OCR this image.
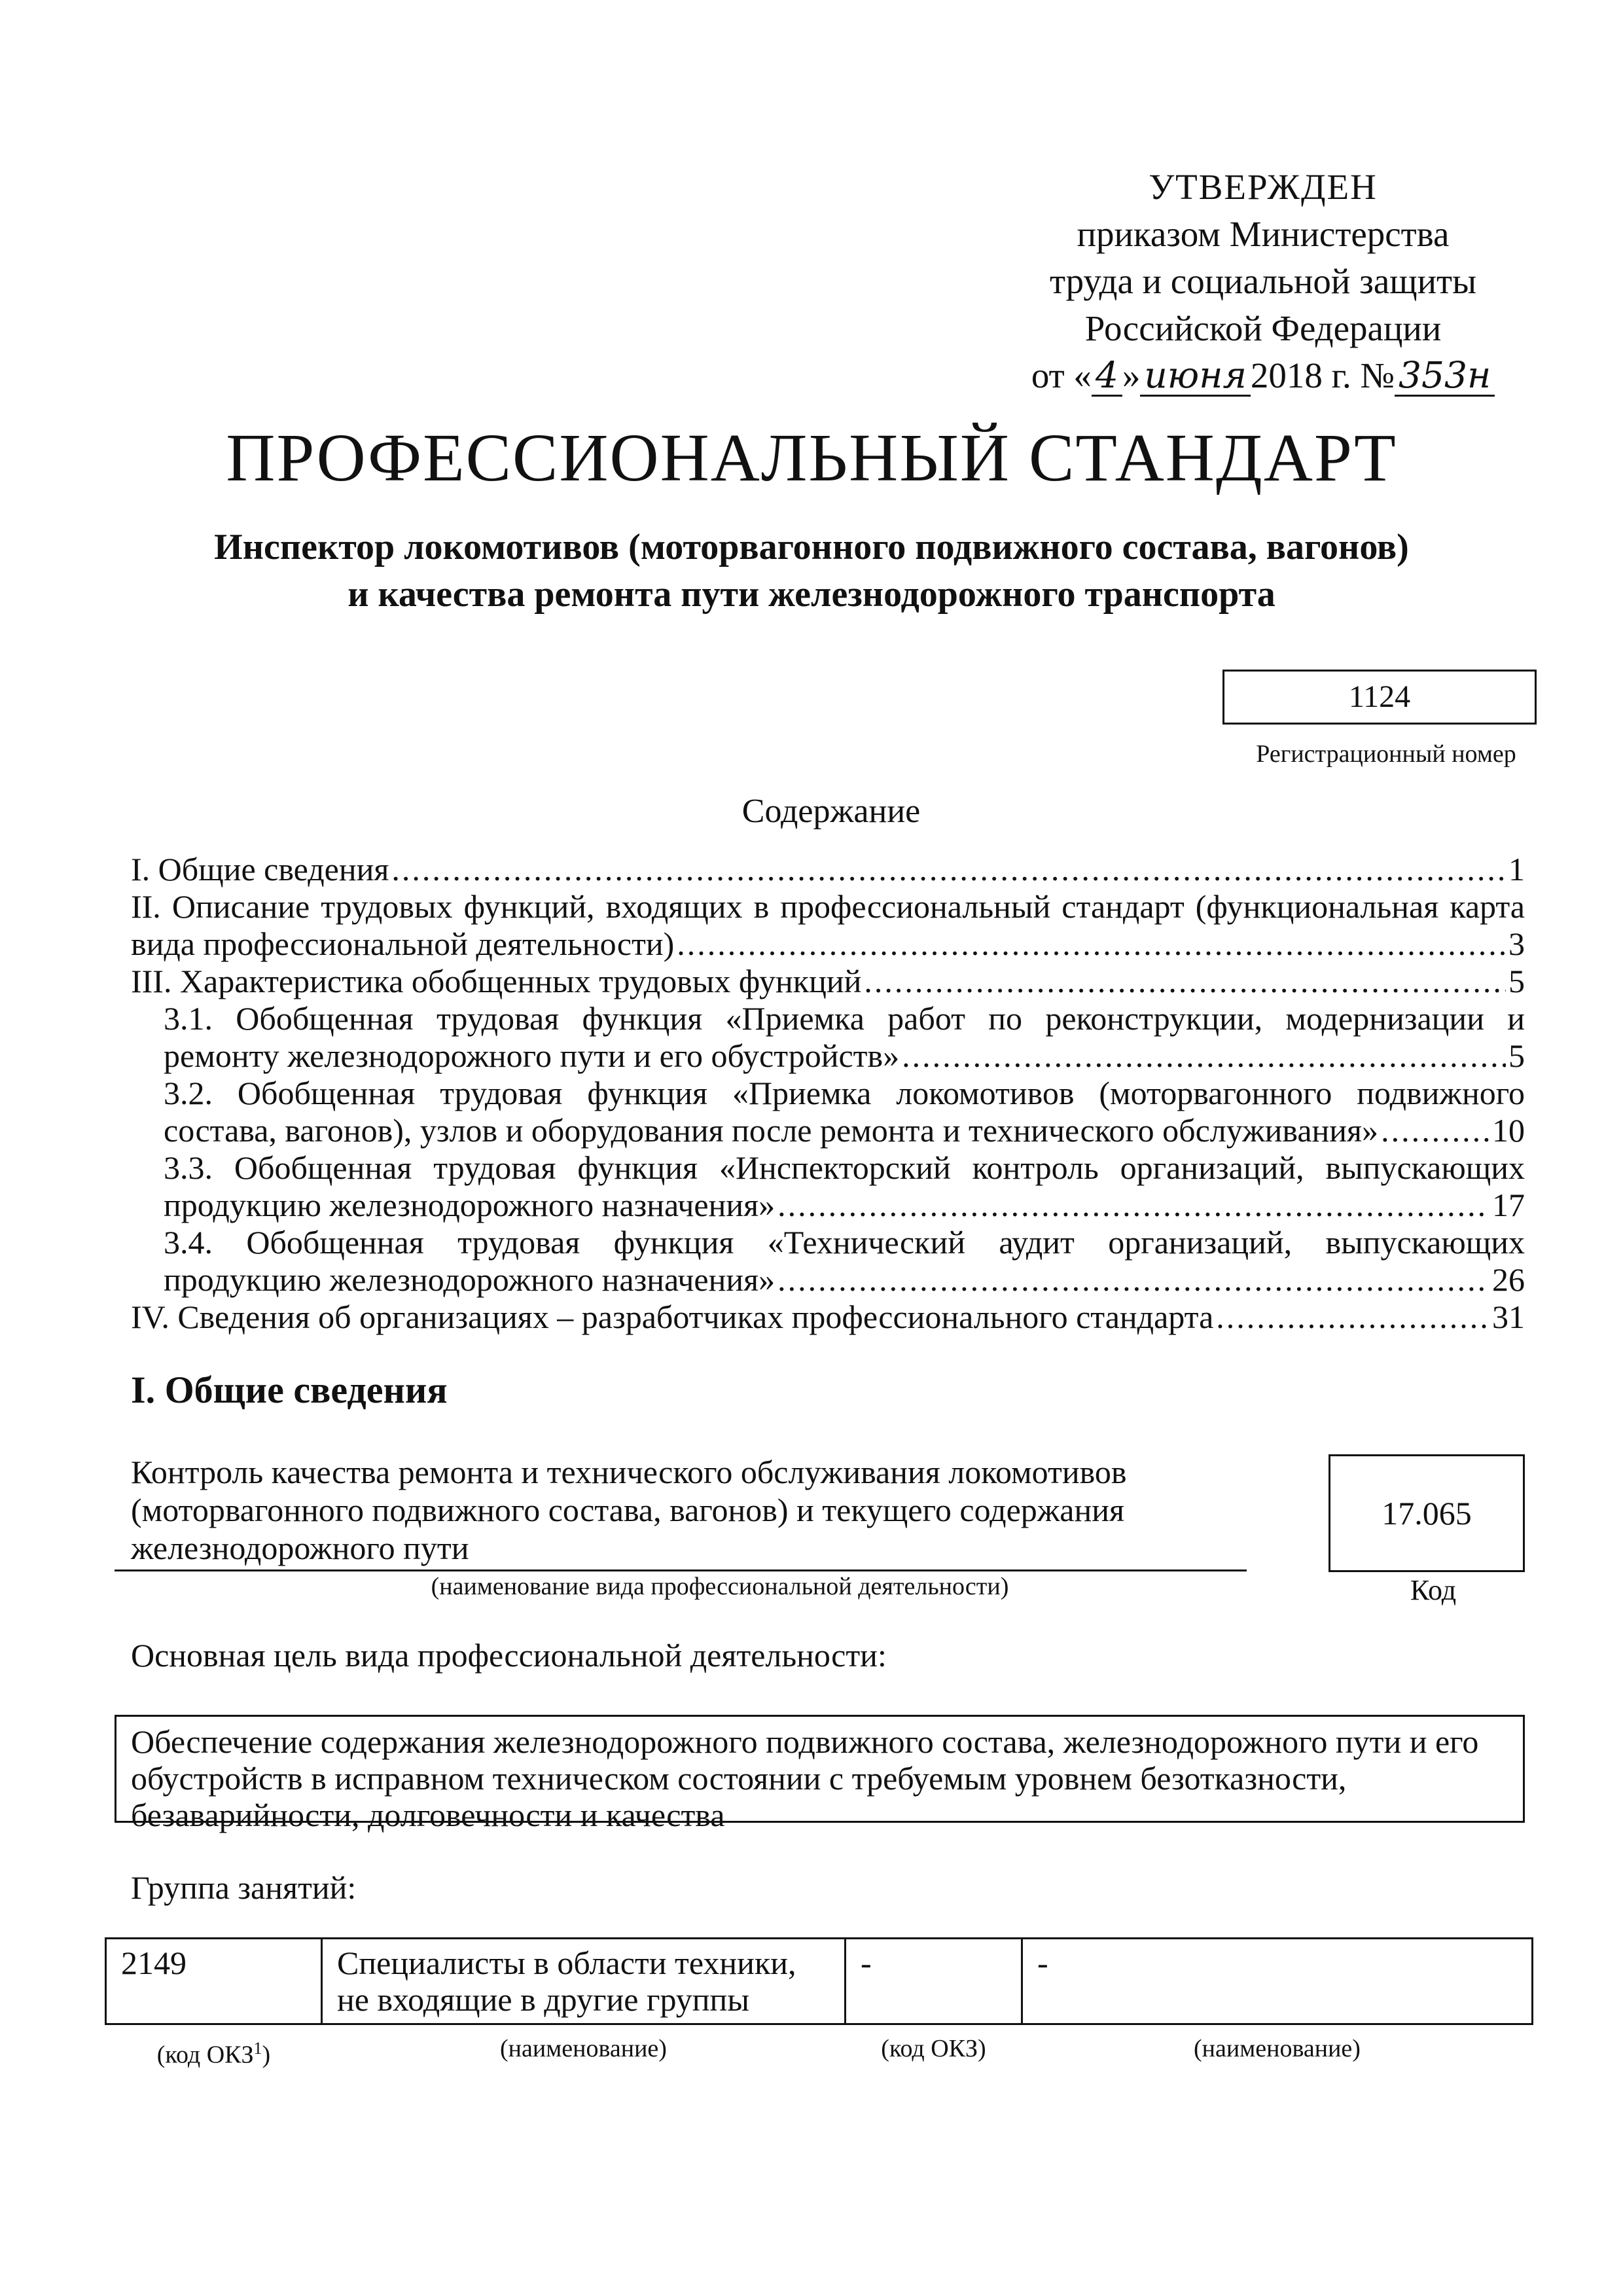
УТВЕРЖДЕН
приказом Министерства
труда и социальной защиты
Российской Федерации
от « 4 » июня 2018 г. № 353н
ПРОФЕССИОНАЛЬНЫЙ СТАНДАРТ
Инспектор локомотивов (моторвагонного подвижного состава, вагонов)
и качества ремонта пути железнодорожного транспорта
1124
Регистрационный номер
Содержание
I. Общие сведения .....	1
II. Описание трудовых функций, входящих в профессиональный стандарт (функциональная карта
вида профессиональной деятельности) .....	3
III. Характеристика обобщенных трудовых функций .....	5
3.1. Обобщенная трудовая функция «Приемка работ по реконструкции, модернизации и
ремонту железнодорожного пути и его обустройств» .....	5
3.2. Обобщенная трудовая функция «Приемка локомотивов (моторвагонного подвижного
состава, вагонов), узлов и оборудования после ремонта и технического обслуживания» .....	10
3.3. Обобщенная трудовая функция «Инспекторский контроль организаций, выпускающих
продукцию железнодорожного назначения» .....	17
3.4. Обобщенная трудовая функция «Технический аудит организаций, выпускающих
продукцию железнодорожного назначения» .....	26
IV. Сведения об организациях – разработчиках профессионального стандарта .....	31
I. Общие сведения
Контроль качества ремонта и технического обслуживания локомотивов
(моторвагонного подвижного состава, вагонов) и текущего содержания
железнодорожного пути
(наименование вида профессиональной деятельности)
17.065
Код
Основная цель вида профессиональной деятельности:
Обеспечение содержания железнодорожного подвижного состава, железнодорожного пути и его
обустройств в исправном техническом состоянии с требуемым уровнем безотказности,
безаварийности, долговечности и качества
Группа занятий:
2149	Специалисты в области техники,
не входящие в другие группы	-	-
(код ОКЗ$^1$)	(наименование)	(код ОКЗ)	(наименование)
